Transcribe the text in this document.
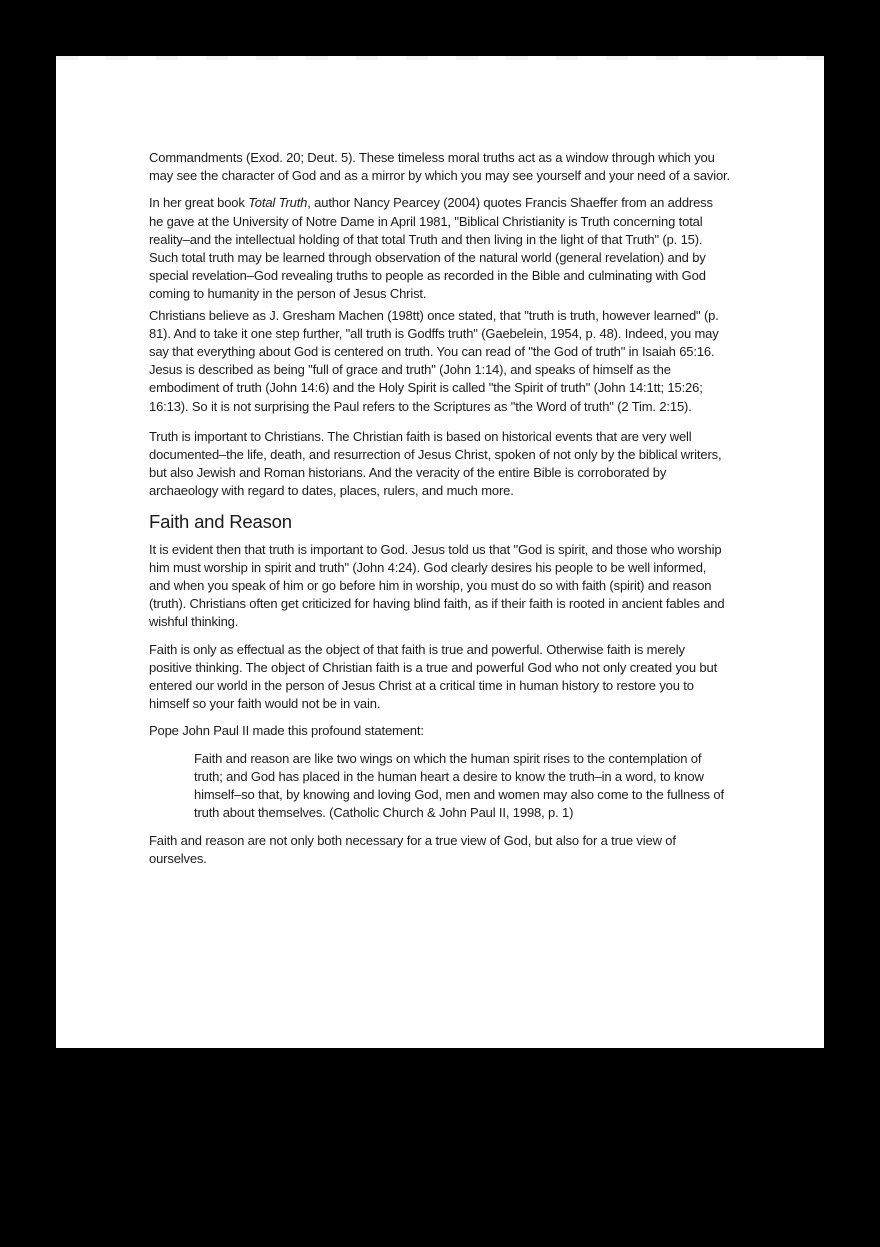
Commandments (Exod. 20; Deut. 5). These timeless moral truths act as a window through which you may see the character of God and as a mirror by which you may see yourself and your need of a savior.

In her great book Total Truth, author Nancy Pearcey (2004) quotes Francis Shaeffer from an address he gave at the University of Notre Dame in April 1981, "Biblical Christianity is Truth concerning total reality–and the intellectual holding of that total Truth and then living in the light of that Truth" (p. 15). Such total truth may be learned through observation of the natural world (general revelation) and by special revelation–God revealing truths to people as recorded in the Bible and culminating with God coming to humanity in the person of Jesus Christ.

Christians believe as J. Gresham Machen (198tt) once stated, that "truth is truth, however learned" (p. 81). And to take it one step further, "all truth is Godffs truth" (Gaebelein, 1954, p. 48). Indeed, you may say that everything about God is centered on truth. You can read of "the God of truth" in Isaiah 65:16. Jesus is described as being "full of grace and truth" (John 1:14), and speaks of himself as the embodiment of truth (John 14:6) and the Holy Spirit is called "the Spirit of truth" (John 14:1tt; 15:26; 16:13). So it is not surprising the Paul refers to the Scriptures as "the Word of truth" (2 Tim. 2:15).

Truth is important to Christians. The Christian faith is based on historical events that are very well documented–the life, death, and resurrection of Jesus Christ, spoken of not only by the biblical writers, but also Jewish and Roman historians. And the veracity of the entire Bible is corroborated by archaeology with regard to dates, places, rulers, and much more.

Faith and Reason

It is evident then that truth is important to God. Jesus told us that "God is spirit, and those who worship him must worship in spirit and truth" (John 4:24). God clearly desires his people to be well informed, and when you speak of him or go before him in worship, you must do so with faith (spirit) and reason (truth). Christians often get criticized for having blind faith, as if their faith is rooted in ancient fables and wishful thinking.

Faith is only as effectual as the object of that faith is true and powerful. Otherwise faith is merely positive thinking. The object of Christian faith is a true and powerful God who not only created you but entered our world in the person of Jesus Christ at a critical time in human history to restore you to himself so your faith would not be in vain.

Pope John Paul II made this profound statement:

Faith and reason are like two wings on which the human spirit rises to the contemplation of truth; and God has placed in the human heart a desire to know the truth–in a word, to know himself–so that, by knowing and loving God, men and women may also come to the fullness of truth about themselves. (Catholic Church & John Paul II, 1998, p. 1)

Faith and reason are not only both necessary for a true view of God, but also for a true view of ourselves.
